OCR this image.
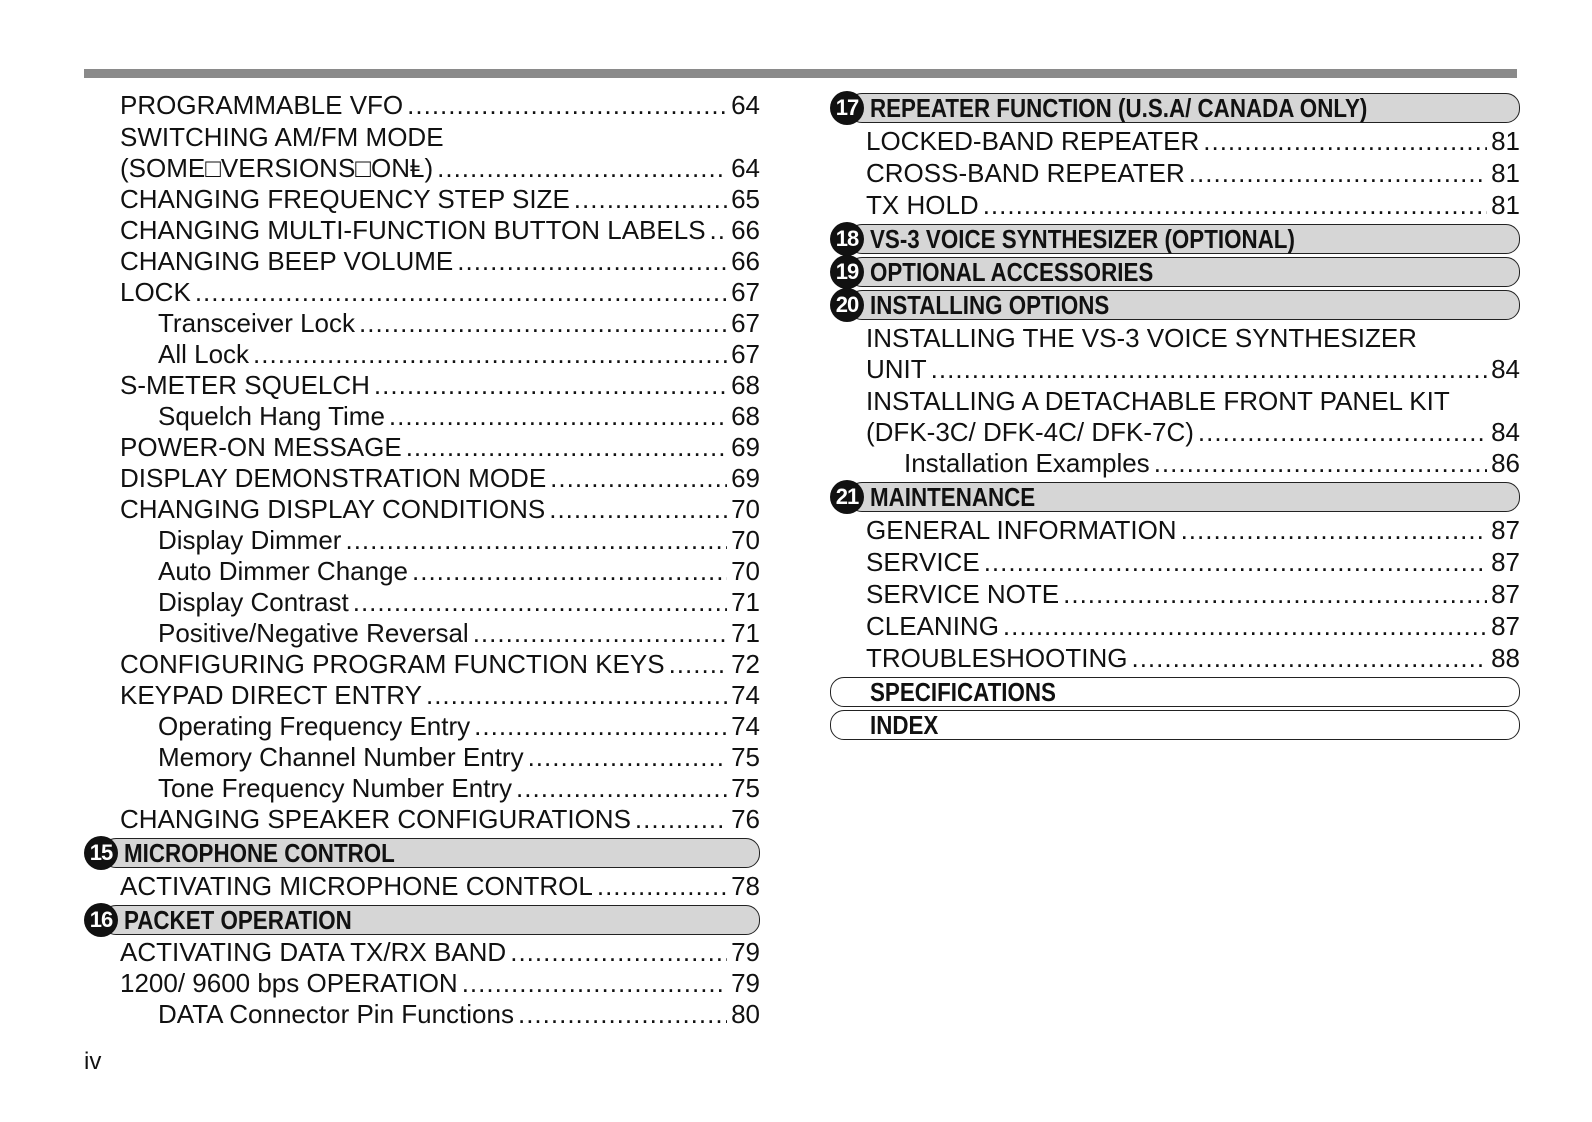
PROGRAMMABLE VFO .....	64
SWITCHING AM/FM MODE
(SOME□VERSIONS□ONⱠ) .....	64
CHANGING FREQUENCY STEP SIZE .....	65
CHANGING MULTI-FUNCTION BUTTON LABELS ..... 66
CHANGING BEEP VOLUME .....	66
LOCK .....	67
Transceiver Lock .....	67
All Lock .....	67
S-METER SQUELCH .....	68
Squelch Hang Time .....	68
POWER-ON MESSAGE .....	69
DISPLAY DEMONSTRATION MODE .....	69
CHANGING DISPLAY CONDITIONS .....	70
Display Dimmer .....	70
Auto Dimmer Change .....	70
Display Contrast .....	71
Positive/Negative Reversal .....	71
CONFIGURING PROGRAM FUNCTION KEYS .....	72
KEYPAD DIRECT ENTRY .....	74
Operating Frequency Entry .....	74
Memory Channel Number Entry .....	75
Tone Frequency Number Entry .....	75
CHANGING SPEAKER CONFIGURATIONS .....	76
15 MICROPHONE CONTROL
ACTIVATING MICROPHONE CONTROL .....	78
16 PACKET OPERATION
ACTIVATING DATA TX/RX BAND .....	79
1200/ 9600 bps OPERATION .....	79
DATA Connector Pin Functions .....	80
17 REPEATER FUNCTION (U.S.A/ CANADA ONLY)
LOCKED-BAND REPEATER .....	81
CROSS-BAND REPEATER .....	81
TX HOLD .....	81
18 VS-3 VOICE SYNTHESIZER (OPTIONAL)
19 OPTIONAL ACCESSORIES
20 INSTALLING OPTIONS
INSTALLING THE VS-3 VOICE SYNTHESIZER
UNIT .....	84
INSTALLING A DETACHABLE FRONT PANEL KIT
(DFK-3C/ DFK-4C/ DFK-7C) .....	84
Installation Examples .....	86
21 MAINTENANCE
GENERAL INFORMATION .....	87
SERVICE .....	87
SERVICE NOTE .....	87
CLEANING .....	87
TROUBLESHOOTING .....	88
SPECIFICATIONS
INDEX
iv
